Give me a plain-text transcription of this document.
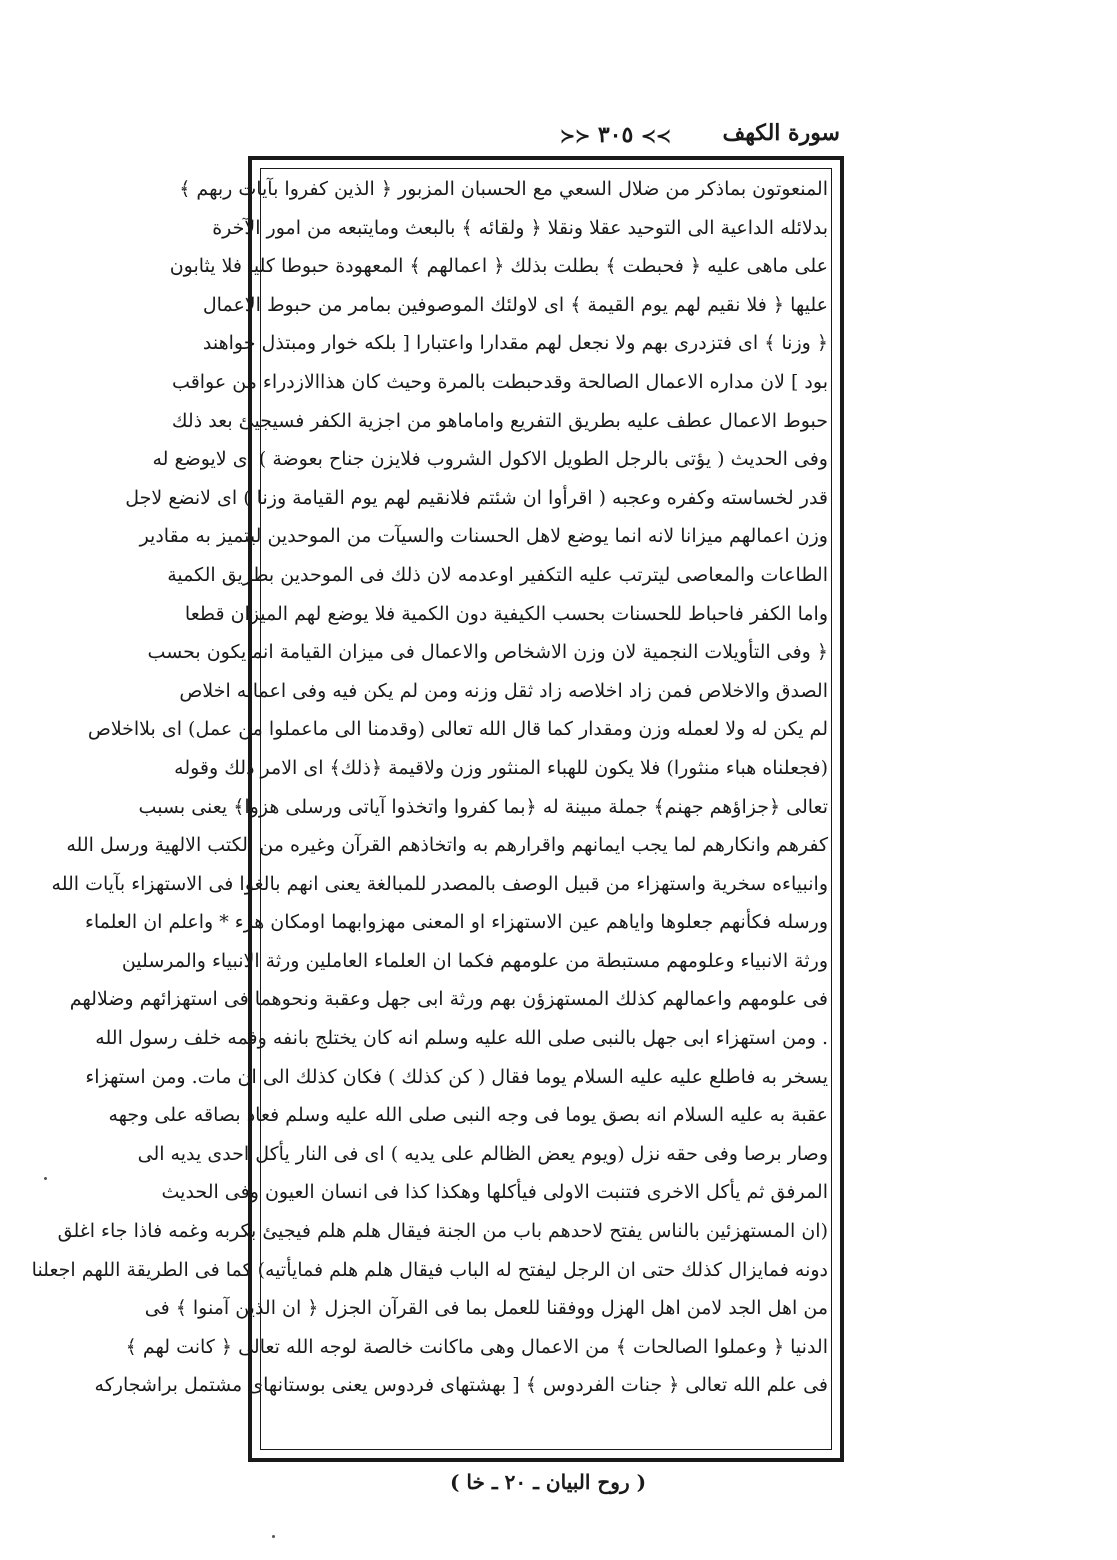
سورة الكهف
≻≻ ٣٠٥ ≺≺
المنعوتون بماذكر من ضلال السعي مع الحسبان المزبور ﴿ الذين كفروا بآيات ربهم ﴾
بدلائله الداعية الى التوحيد عقلا ونقلا ﴿ ولقائه ﴾ بالبعث ومايتبعه من امور الآخرة
على ماهى عليه ﴿ فحبطت ﴾ بطلت بذلك ﴿ اعمالهم ﴾ المعهودة حبوطا كليا فلا يثابون
عليها ﴿ فلا نقيم لهم يوم القيمة ﴾ اى لاولئك الموصوفين بمامر من حبوط الاعمال
﴿ وزنا ﴾ اى فتزدرى بهم ولا نجعل لهم مقدارا واعتبارا [ بلكه خوار ومبتذل خواهند
بود ] لان مداره الاعمال الصالحة وقدحبطت بالمرة وحيث كان هذاالازدراء من عواقب
حبوط الاعمال عطف عليه بطريق التفريع واماماهو من اجزية الكفر فسيجيئ بعد ذلك
وفى الحديث ( يؤتى بالرجل الطويل الاكول الشروب فلايزن جناح بعوضة ) اى لايوضع له
قدر لخساسته وكفره وعجبه ( اقرأوا ان شئتم فلانقيم لهم يوم القيامة وزنا ) اى لانضع لاجل
وزن اعمالهم ميزانا لانه انما يوضع لاهل الحسنات والسيآت من الموحدين ليتميز به مقادير
الطاعات والمعاصى ليترتب عليه التكفير اوعدمه لان ذلك فى الموحدين بطريق الكمية
واما الكفر فاحباط للحسنات بحسب الكيفية دون الكمية فلا يوضع لهم الميزان قطعا
﴿ وفى التأويلات النجمية لان وزن الاشخاص والاعمال فى ميزان القيامة انمايكون بحسب
الصدق والاخلاص فمن زاد اخلاصه زاد ثقل وزنه ومن لم يكن فيه وفى اعماله اخلاص
لم يكن له ولا لعمله وزن ومقدار كما قال الله تعالى (وقدمنا الى ماعملوا من عمل) اى بلااخلاص
(فجعلناه هباء منثورا) فلا يكون للهباء المنثور وزن ولاقيمة ﴿ذلك﴾ اى الامر ذلك وقوله
تعالى ﴿جزاؤهم جهنم﴾ جملة مبينة له ﴿بما كفروا واتخذوا آياتى ورسلى هزوا﴾ يعنى بسبب
كفرهم وانكارهم لما يجب ايمانهم واقرارهم به واتخاذهم القرآن وغيره من الكتب الالهية ورسل الله
وانبياءه سخرية واستهزاء من قبيل الوصف بالمصدر للمبالغة يعنى انهم بالغوا فى الاستهزاء بآيات الله
ورسله فكأنهم جعلوها واياهم عين الاستهزاء او المعنى مهزوابهما اومكان هزء * واعلم ان العلماء
ورثة الانبياء وعلومهم مستبطة من علومهم فكما ان العلماء العاملين ورثة الانبياء والمرسلين
فى علومهم واعمالهم كذلك المستهزؤن بهم ورثة ابى جهل وعقبة ونحوهما فى استهزائهم وضلالهم
. ومن استهزاء ابى جهل بالنبى صلى الله عليه وسلم انه كان يختلج بانفه وفمه خلف رسول الله
يسخر به فاطلع عليه عليه السلام يوما فقال ( كن كذلك ) فكان كذلك الى ان مات. ومن استهزاء
عقبة به عليه السلام انه بصق يوما فى وجه النبى صلى الله عليه وسلم فعاد بصاقه على وجهه
وصار برصا وفى حقه نزل (ويوم يعض الظالم على يديه ) اى فى النار يأكل احدى يديه الى
المرفق ثم يأكل الاخرى فتنبت الاولى فيأكلها وهكذا كذا فى انسان العيون وفى الحديث
(ان المستهزئين بالناس يفتح لاحدهم باب من الجنة فيقال هلم هلم فيجيئ بكربه وغمه فاذا جاء اغلق
دونه فمايزال كذلك حتى ان الرجل ليفتح له الباب فيقال هلم هلم فمايأتيه) كما فى الطريقة اللهم اجعلنا
من اهل الجد لامن اهل الهزل ووفقنا للعمل بما فى القرآن الجزل ﴿ ان الذين آمنوا ﴾ فى
الدنيا ﴿ وعملوا الصالحات ﴾ من الاعمال وهى ماكانت خالصة لوجه الله تعالى ﴿ كانت لهم ﴾
فى علم الله تعالى ﴿ جنات الفردوس ﴾ [ بهشتهاى فردوس يعنى بوستانهاى مشتمل براشجاركه
( روح البيان ـ ٢٠ ـ خا )
